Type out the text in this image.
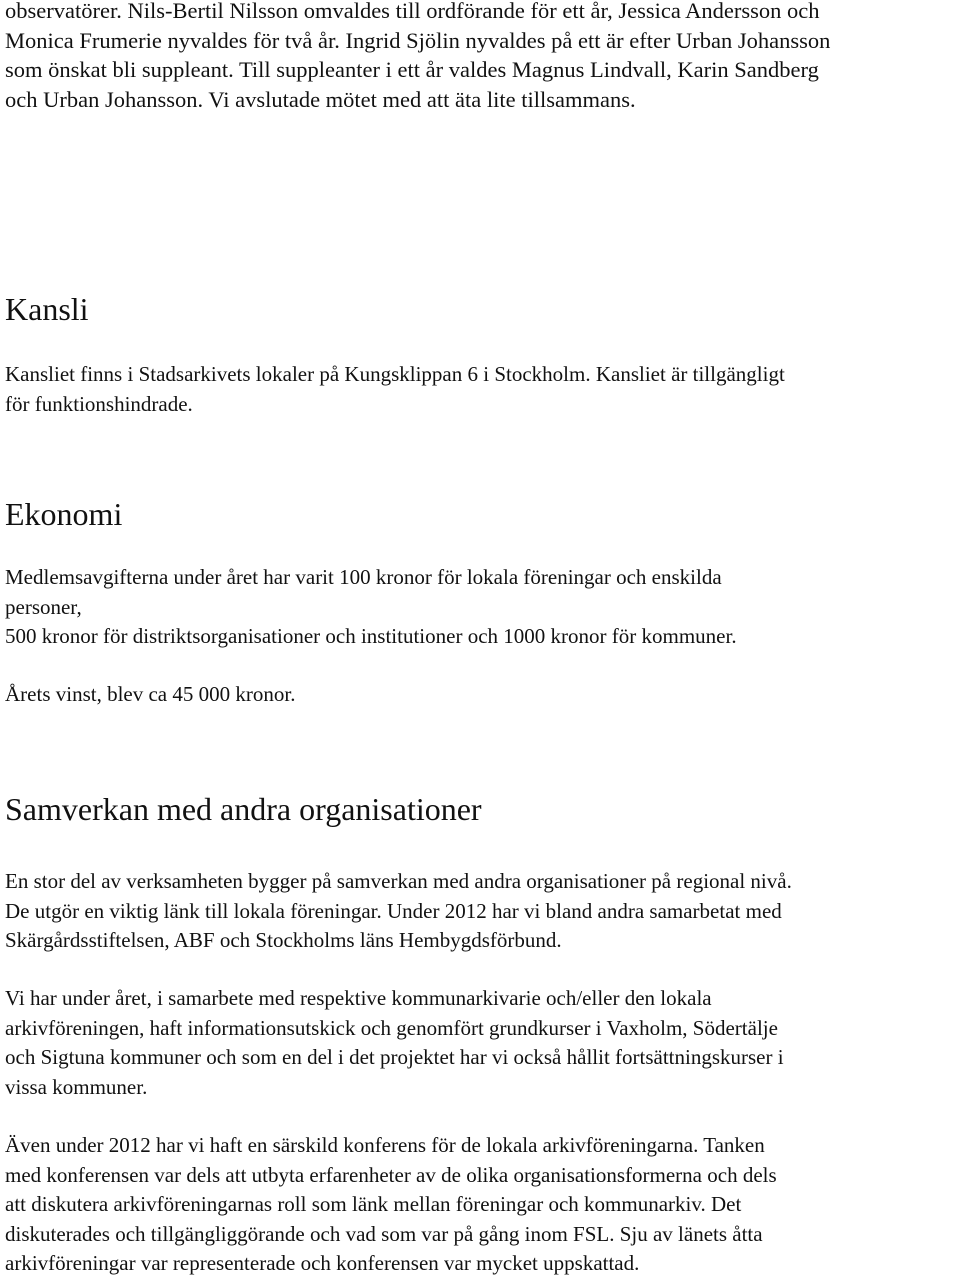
observatörer. Nils-Bertil Nilsson omvaldes till ordförande för ett år, Jessica Andersson och
Monica Frumerie nyvaldes för två år. Ingrid Sjölin nyvaldes på ett är efter Urban Johansson
som önskat bli suppleant. Till suppleanter i ett år valdes Magnus Lindvall, Karin Sandberg
och Urban Johansson. Vi avslutade mötet med att äta lite tillsammans.

Kansli

Kansliet finns i Stadsarkivets lokaler på Kungsklippan 6 i Stockholm. Kansliet är tillgängligt
för funktionshindrade.

Ekonomi

Medlemsavgifterna under året har varit 100 kronor för lokala föreningar och enskilda
personer,
500 kronor för distriktsorganisationer och institutioner och 1000 kronor för kommuner.

Årets vinst, blev ca 45 000 kronor.

Samverkan med andra organisationer

En stor del av verksamheten bygger på samverkan med andra organisationer på regional nivå.
De utgör en viktig länk till lokala föreningar. Under 2012 har vi bland andra samarbetat med
Skärgårdsstiftelsen, ABF och Stockholms läns Hembygdsförbund.

Vi har under året, i samarbete med respektive kommunarkivarie och/eller den lokala
arkivföreningen, haft informationsutskick och genomfört grundkurser i Vaxholm, Södertälje
och Sigtuna kommuner och som en del i det projektet har vi också hållit fortsättningskurser i
vissa kommuner.

Även under 2012 har vi haft en särskild konferens för de lokala arkivföreningarna. Tanken
med konferensen var dels att utbyta erfarenheter av de olika organisationsformerna och dels
att diskutera arkivföreningarnas roll som länk mellan föreningar och kommunarkiv. Det
diskuterades och tillgängliggörande och vad som var på gång inom FSL. Sju av länets åtta
arkivföreningar var representerade och konferensen var mycket uppskattad.
